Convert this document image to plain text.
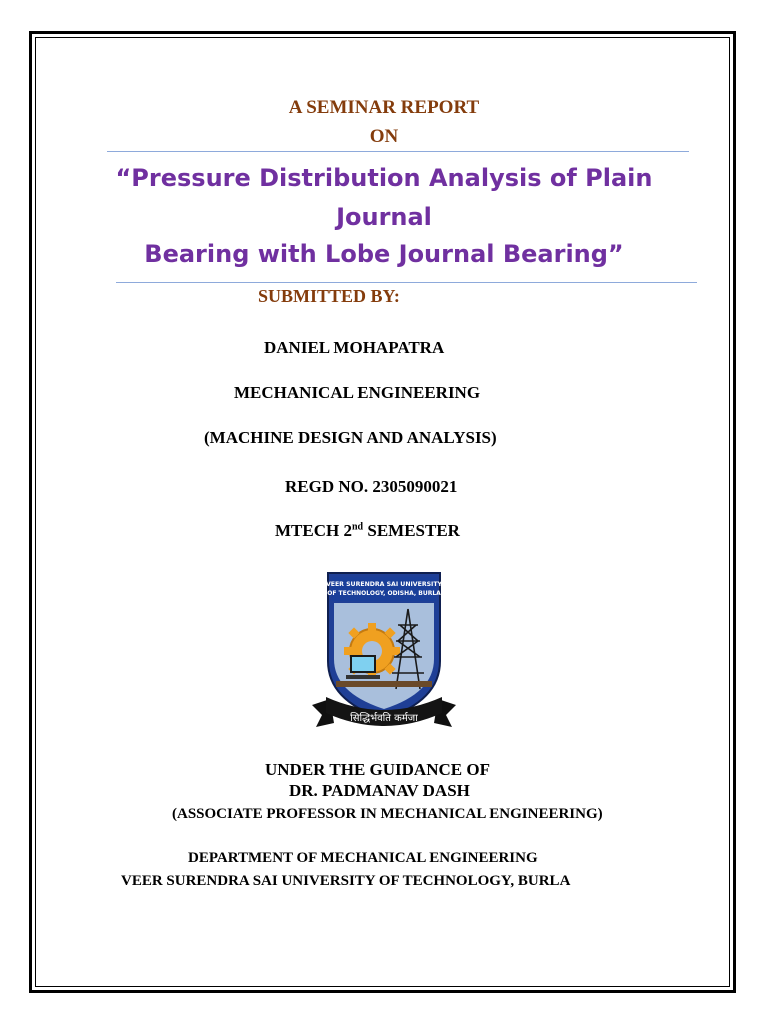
A SEMINAR REPORT
ON
“Pressure Distribution Analysis of Plain
Journal
Bearing with Lobe Journal Bearing”
SUBMITTED BY:
DANIEL MOHAPATRA
MECHANICAL ENGINEERING
(MACHINE DESIGN AND ANALYSIS)
REGD NO. 2305090021
MTECH 2nd SEMESTER
VEER SURENDRA SAI UNIVERSITY
OF TECHNOLOGY, ODISHA, BURLA
सिद्धिर्भवति कर्मजा
UNDER THE GUIDANCE OF
DR. PADMANAV DASH
(ASSOCIATE PROFESSOR IN MECHANICAL ENGINEERING)
DEPARTMENT OF MECHANICAL ENGINEERING
VEER SURENDRA SAI UNIVERSITY OF TECHNOLOGY, BURLA
